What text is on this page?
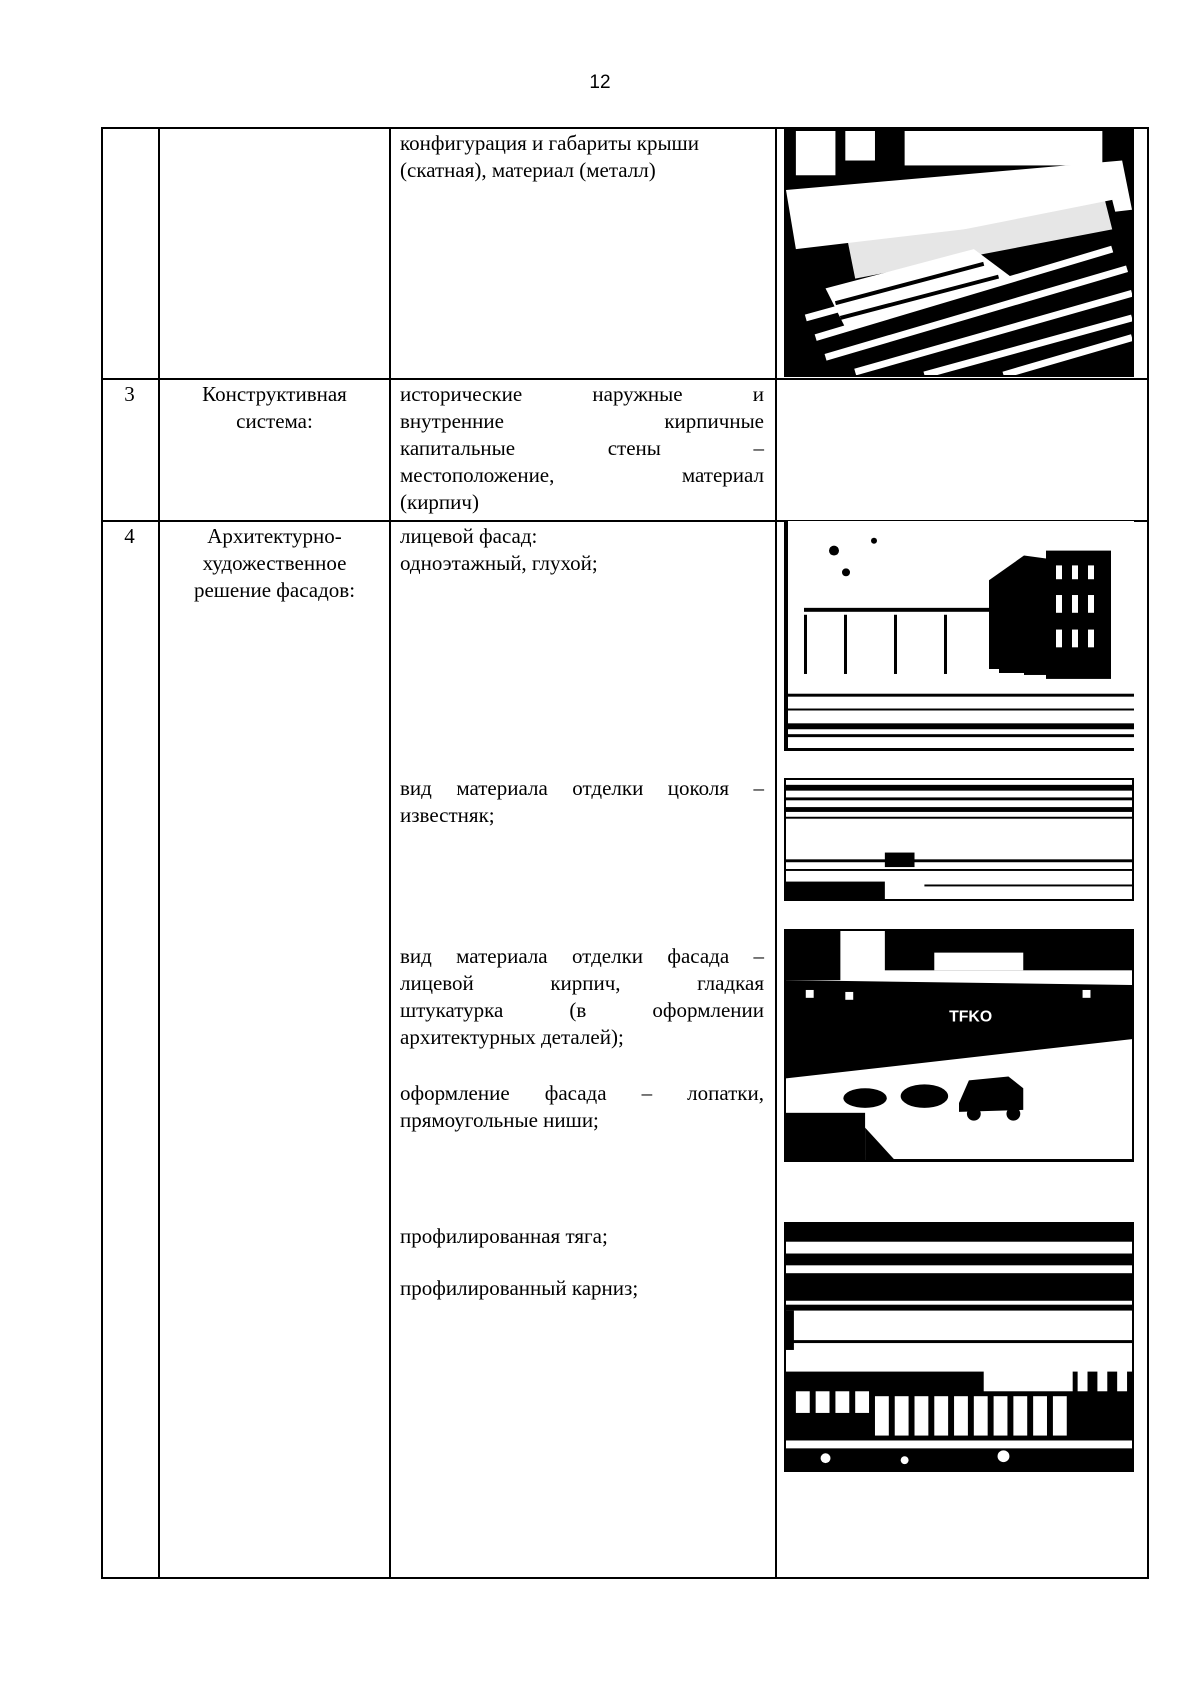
12
конфигурация и габариты крыши
(скатная), материал (металл)
3	Конструктивная
система:
исторические наружные и
внутренние кирпичные
капитальные стены –
местоположение, материал
(кирпич)
4	Архитектурно-
художественное
решение фасадов:
лицевой фасад:
одноэтажный, глухой;
вид материала отделки цоколя –
известняк;
вид материала отделки фасада –
лицевой кирпич, гладкая
штукатурка (в оформлении
архитектурных деталей);
оформление фасада – лопатки,
прямоугольные ниши;
профилированная тяга;
профилированный карниз;
TFKO
